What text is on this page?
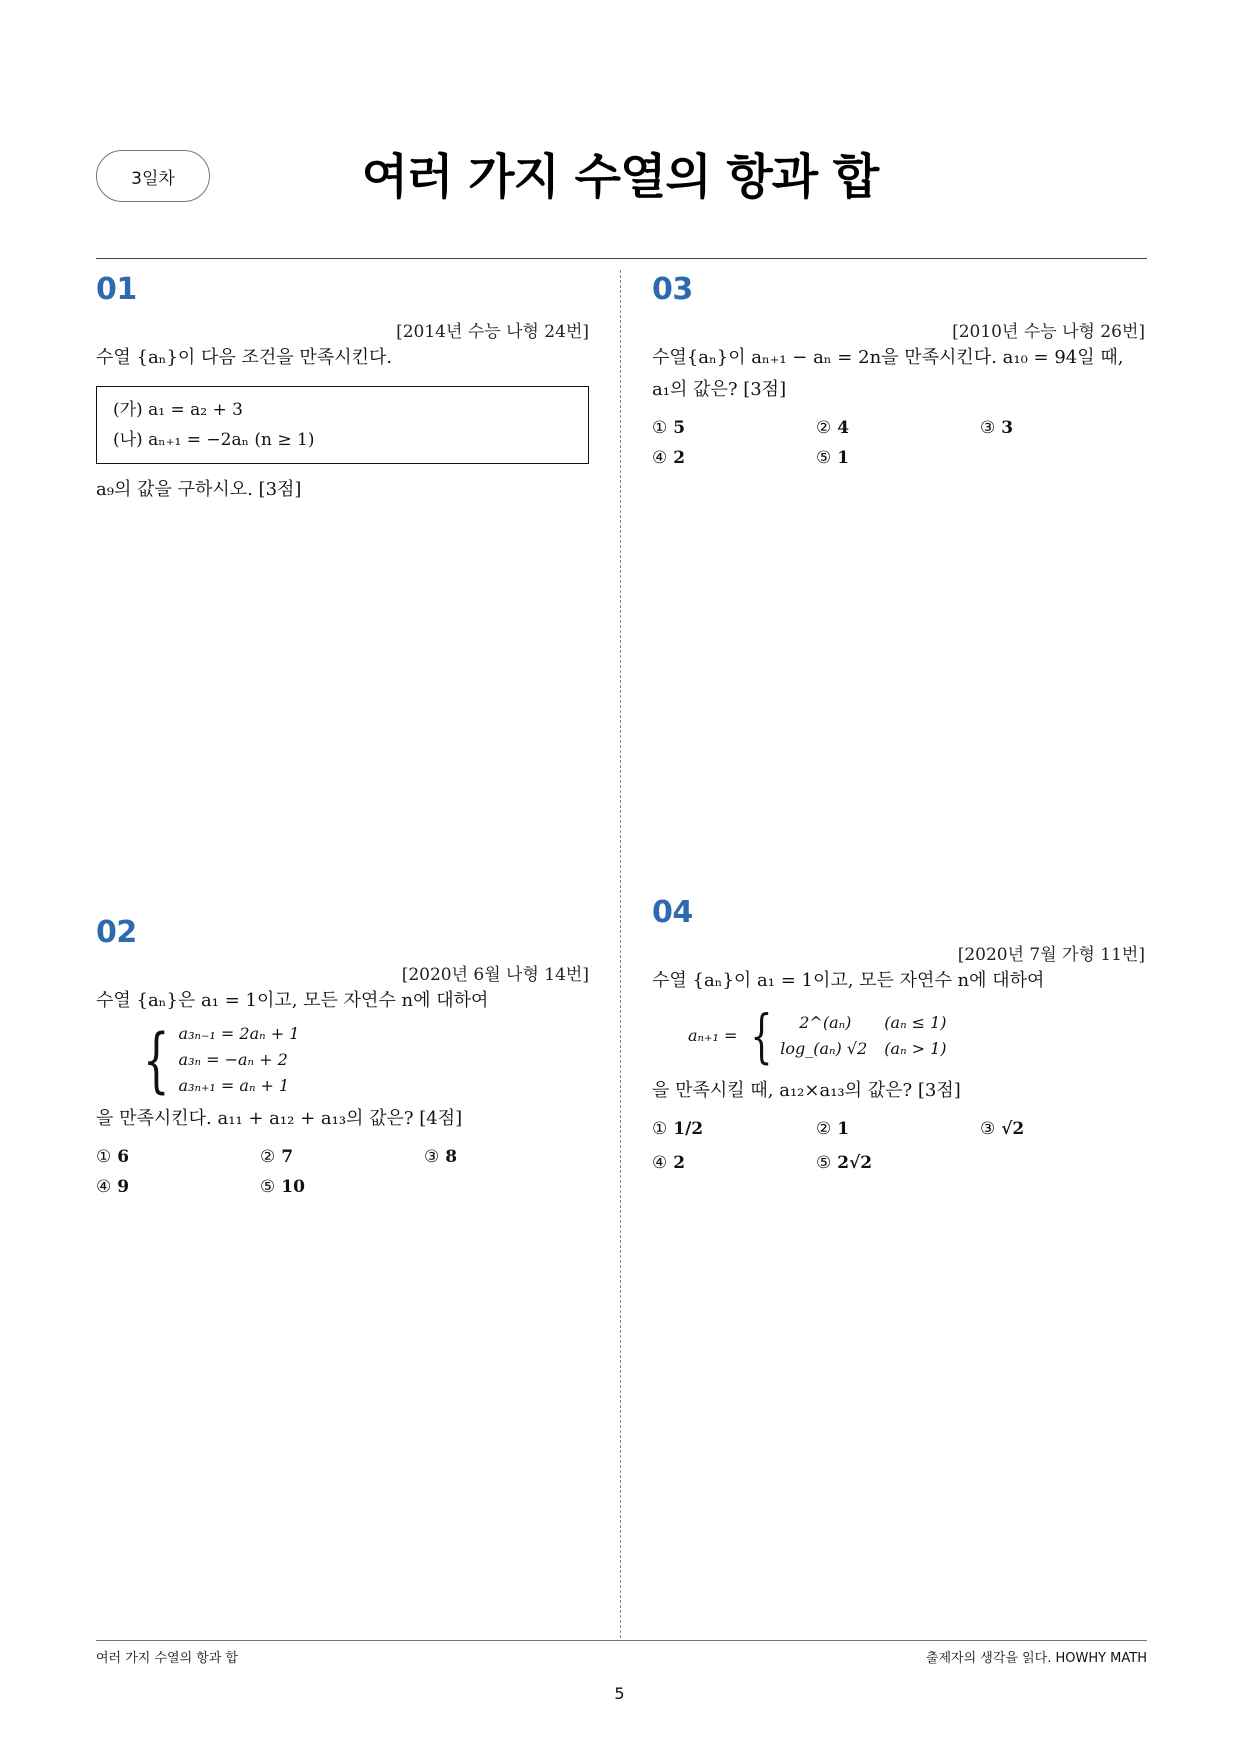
3일차	여러 가지 수열의 항과 합
01
[2014년 수능 나형 24번]
수열 {aₙ}이 다음 조건을 만족시킨다.
(가) a₁ = a₂ + 3
(나) aₙ₊₁ = −2aₙ (n ≥ 1)
a₉의 값을 구하시오. [3점]
03
[2010년 수능 나형 26번]
수열{aₙ}이 aₙ₊₁ − aₙ = 2n을 만족시킨다. a₁₀ = 94일 때,
a₁의 값은? [3점]
① 5	② 4	③ 3
④ 2	⑤ 1
02
[2020년 6월 나형 14번]
수열 {aₙ}은 a₁ = 1이고, 모든 자연수 n에 대하여
{ a₃ₙ₋₁ = 2aₙ + 1
a₃ₙ = −aₙ + 2
a₃ₙ₊₁ = aₙ + 1
을 만족시킨다. a₁₁ + a₁₂ + a₁₃의 값은? [4점]
① 6	② 7	③ 8
④ 9	⑤ 10
04
[2020년 7월 가형 11번]
수열 {aₙ}이 a₁ = 1이고, 모든 자연수 n에 대하여
aₙ₊₁ = {	2^(aₙ)	(aₙ ≤ 1)
log_(aₙ) √2 (aₙ > 1)
을 만족시킬 때, a₁₂×a₁₃의 값은? [3점]
① 1/2	② 1	③ √2
④ 2	⑤ 2√2
여러 가지 수열의 항과 합	출제자의 생각을 읽다. HOWHY MATH
5
